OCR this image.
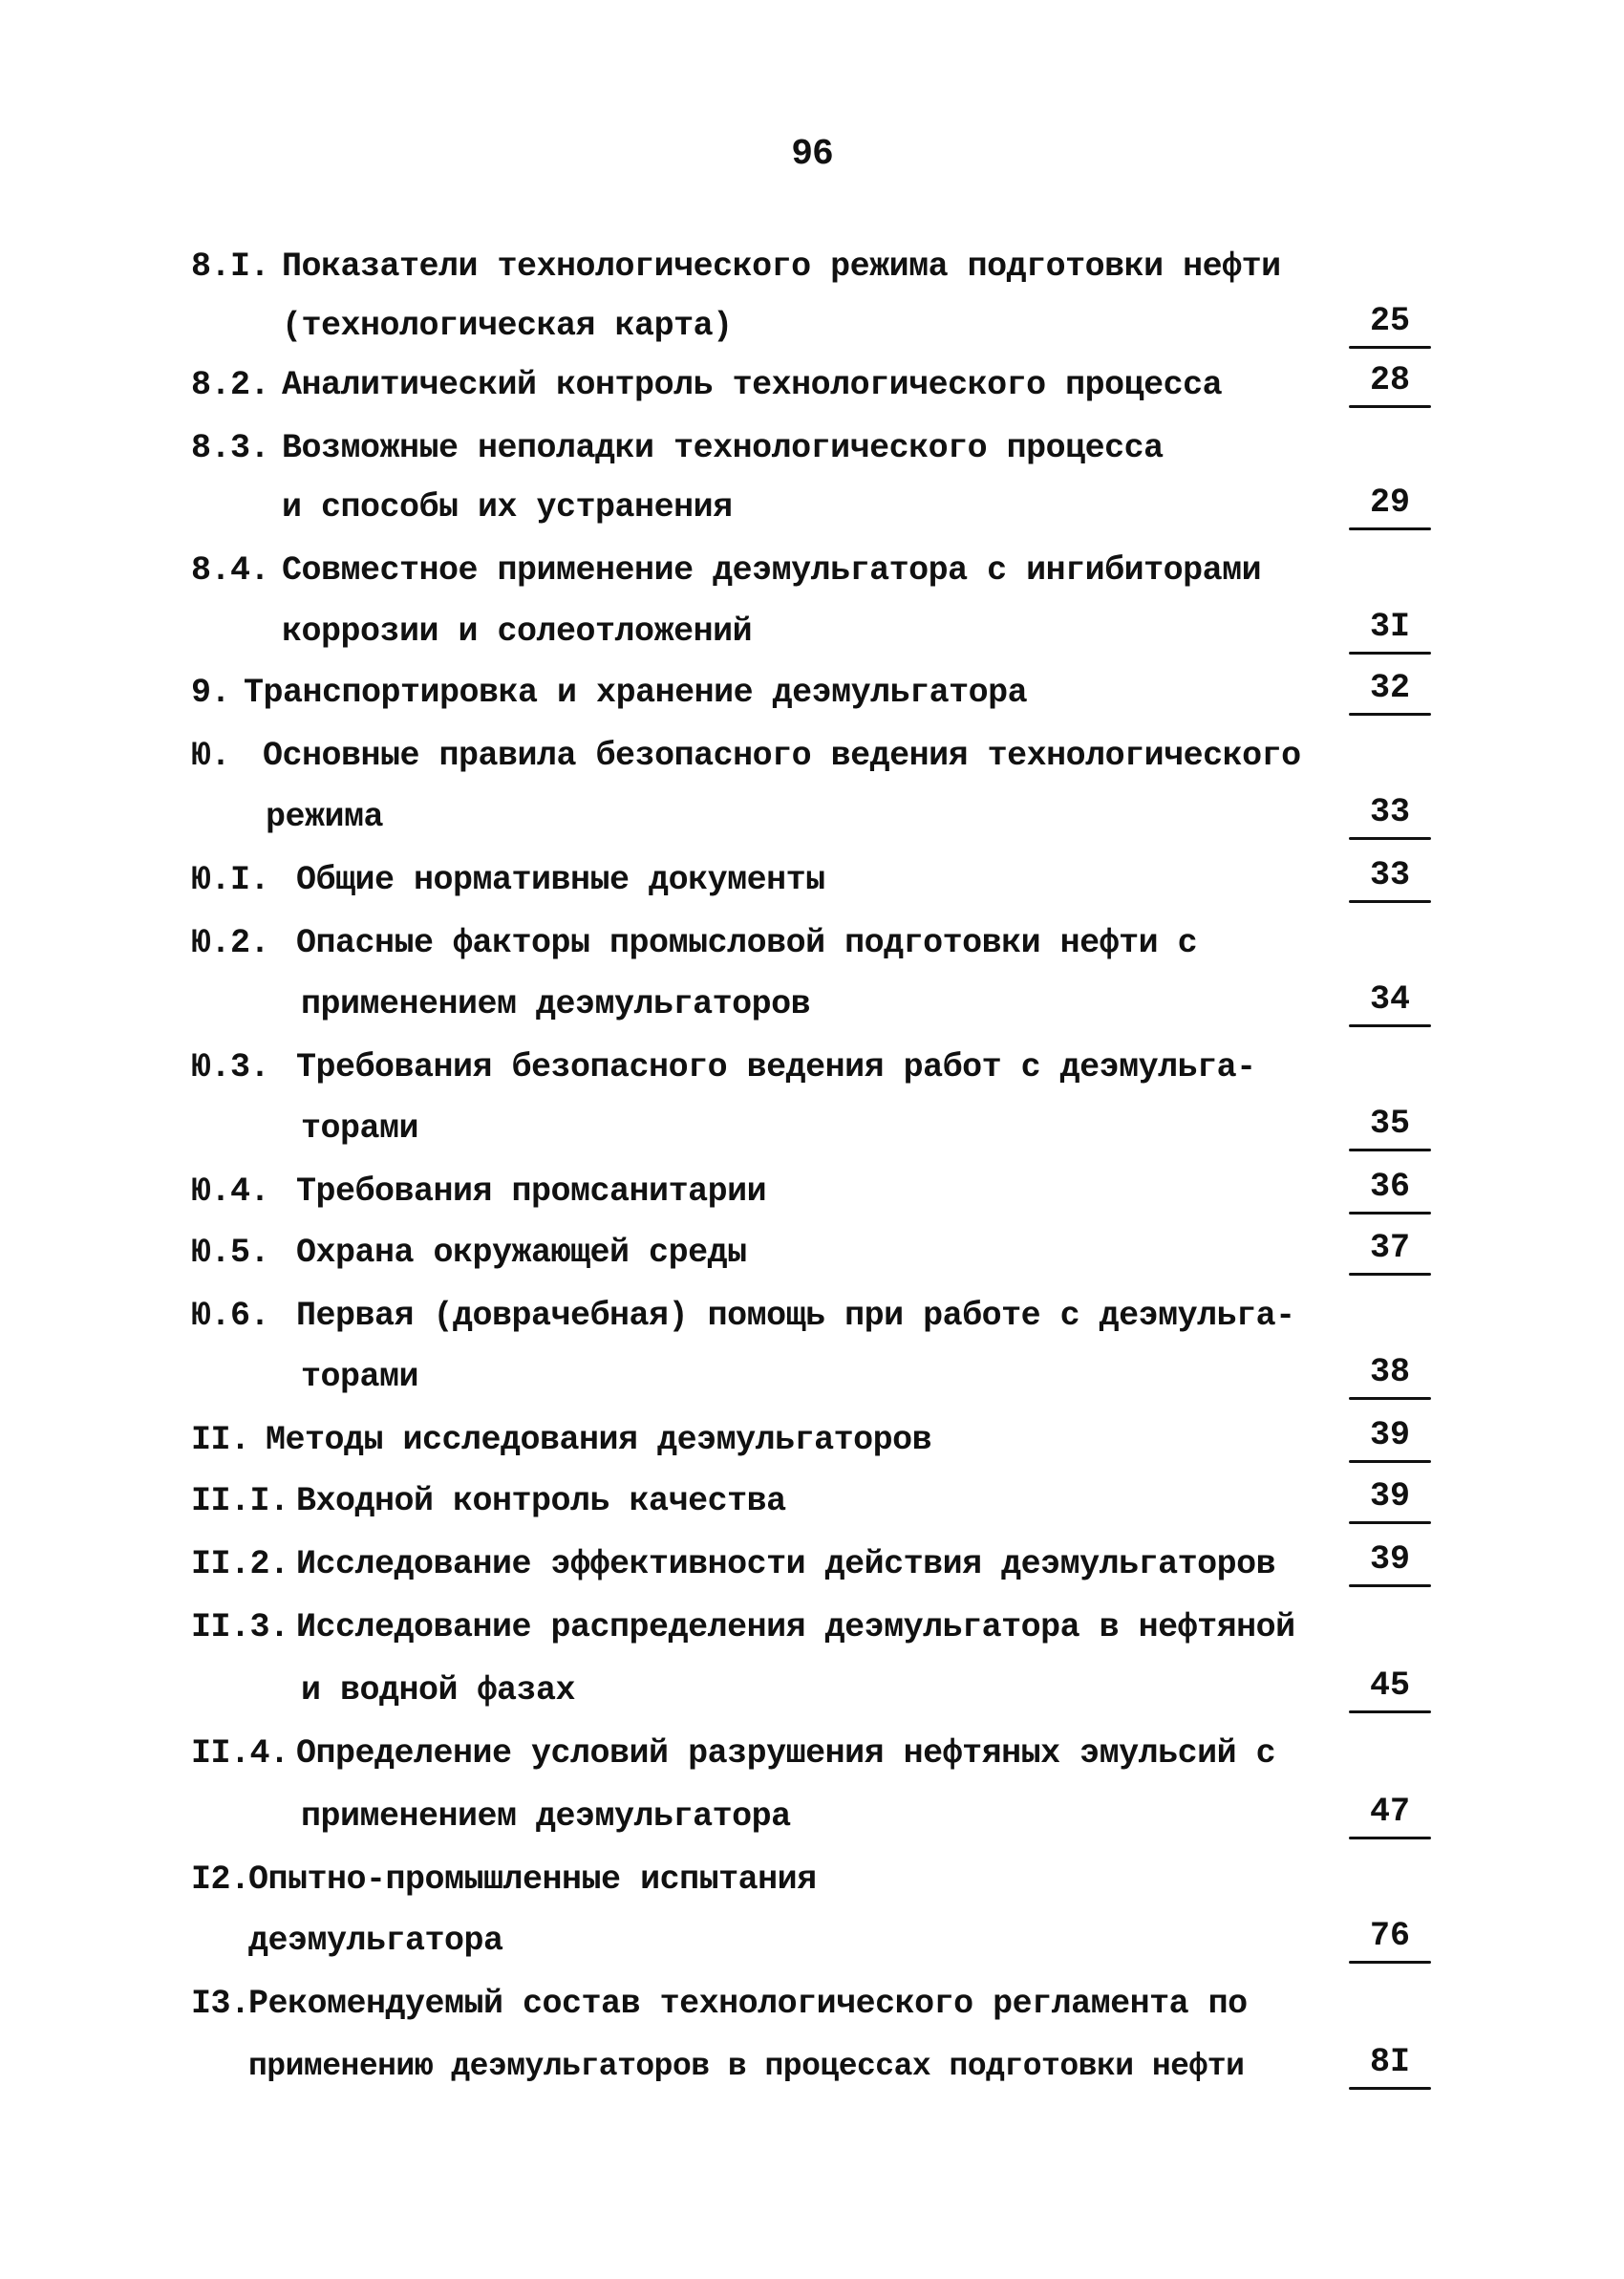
96
8.I. Показатели технологического режима подготовки нефти
(технологическая карта)	25
8.2. Аналитический контроль технологического процесса	28
8.3. Возможные неполадки технологического процесса
и способы их устранения	29
8.4. Совместное применение деэмульгатора с ингибиторами
коррозии и солеотложений	3I
9. Транспортировка и хранение деэмульгатора	32
Ю. Основные правила безопасного ведения технологического
режима	33
Ю.I. Общие нормативные документы	33
Ю.2. Опасные факторы промысловой подготовки нефти с
применением деэмульгаторов	34
Ю.3. Требования безопасного ведения работ с деэмульга-
торами	35
Ю.4. Требования промсанитарии	36
Ю.5. Охрана окружающей среды	37
Ю.6. Первая (доврачебная) помощь при работе с деэмульга-
торами	38
II. Методы исследования деэмульгаторов	39
II.I. Входной контроль качества	39
II.2. Исследование эффективности действия деэмульгаторов	39
II.3. Исследование распределения деэмульгатора в нефтяной
и водной фазах	45
II.4. Определение условий разрушения нефтяных эмульсий с
применением деэмульгатора	47
I2.
Опытно-промышленные испытания
деэмульгатора	76
I3.
Рекомендуемый состав технологического регламента по
применению деэмульгаторов в процессах подготовки нефти	8I
